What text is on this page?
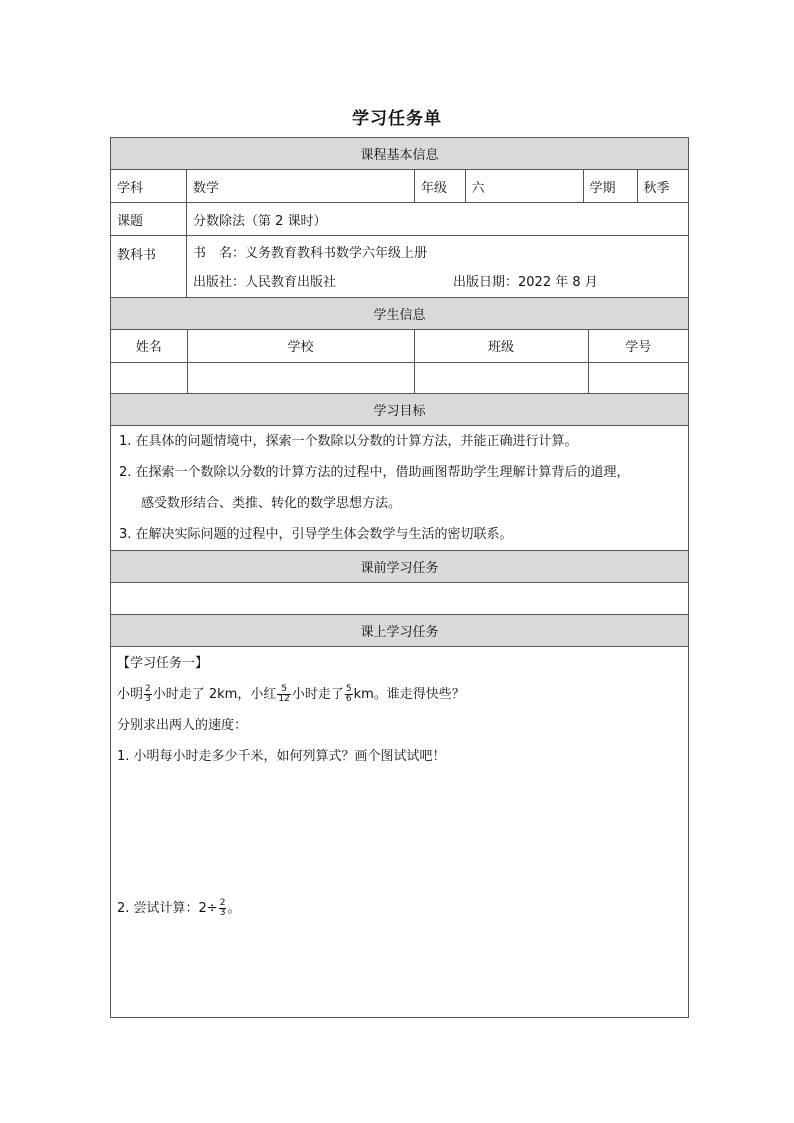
学习任务单
课程基本信息
学科	数学		年级	六	学期	秋季

课题	分数除法（第 2 课时）
教科书	书　名：义务教育教科书数学六年级上册
出版社：人民教育出版社	出版日期：2022 年 8 月

学生信息

姓名	学校	班级	学号

学习目标

1. 在具体的问题情境中，探索一个数除以分数的计算方法，并能正确进行计算。
2. 在探索一个数除以分数的计算方法的过程中，借助画图帮助学生理解计算背后的道理，
感受数形结合、类推、转化的数学思想方法。
3. 在解决实际问题的过程中，引导学生体会数学与生活的密切联系。

课前学习任务

课上学习任务

【学习任务一】

小明 $\frac{2}{3}$ 小时走了 2km，小红 $\frac{5}{12}$ 小时走了 $\frac{5}{6}$ km。谁走得快些？

分别求出两人的速度：

1. 小明每小时走多少千米，如何列算式？画个图试试吧！

2. 尝试计算：$2\div \frac{2}{3}$ 。
